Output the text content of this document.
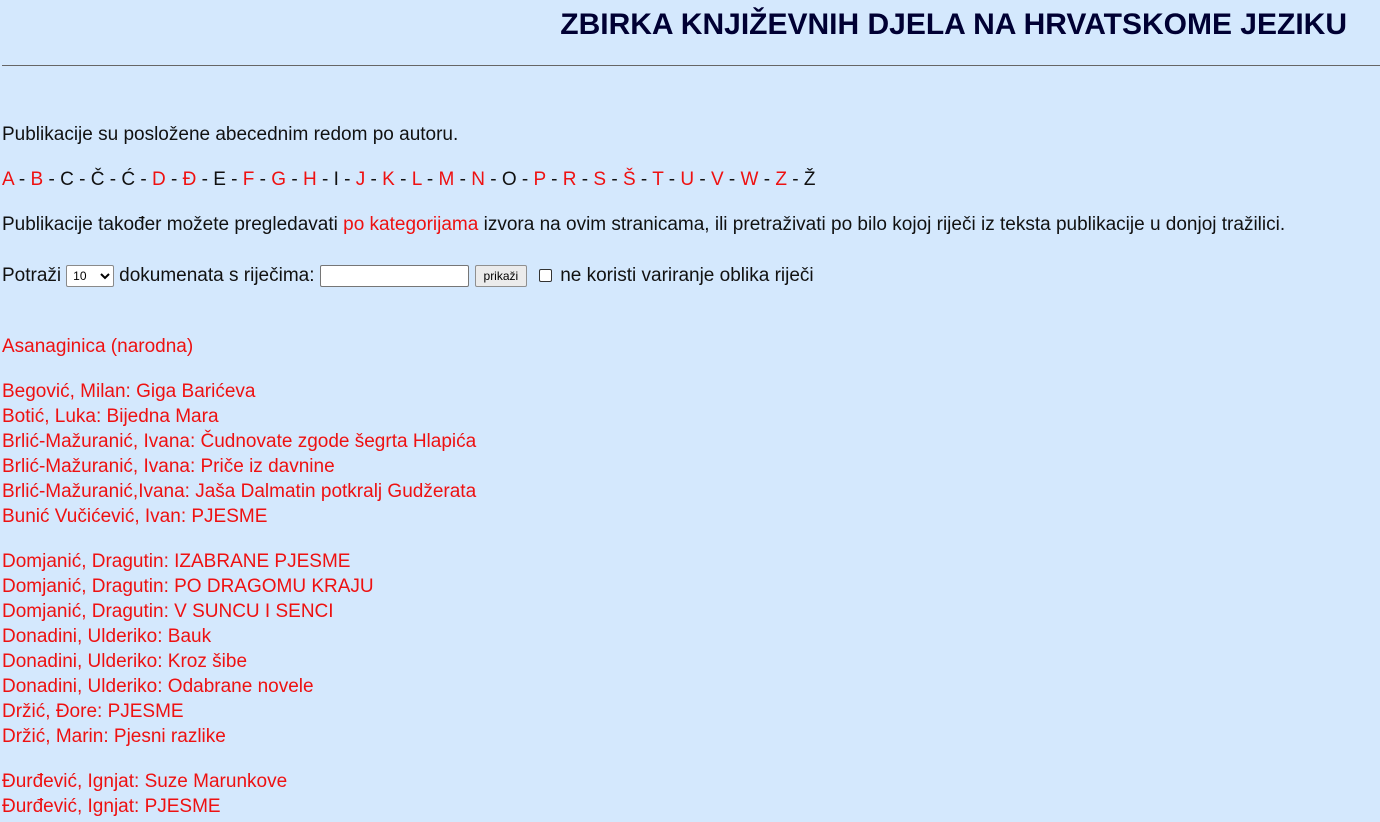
ZBIRKA KNJIŽEVNIH DJELA NA HRVATSKOME JEZIKU
Publikacije su posložene abecednim redom po autoru.
A - B - C - Č - Ć - D - Đ - E - F - G - H - I - J - K - L - M - N - O - P - R - S - Š - T - U - V - W - Z - Ž
Publikacije također možete pregledavati po kategorijama izvora na ovim stranicama, ili pretraživati po bilo kojoj riječi iz teksta publikacije u donjoj tražilici.
Potraži
10	dokumenata s riječima:	prikaži	ne koristi variranje oblika riječi
Asanaginica (narodna)
Begović, Milan: Giga Barićeva
Botić, Luka: Bijedna Mara
Brlić-Mažuranić, Ivana: Čudnovate zgode šegrta Hlapića
Brlić-Mažuranić, Ivana: Priče iz davnine
Brlić-Mažuranić,Ivana: Jaša Dalmatin potkralj Gudžerata
Bunić Vučićević, Ivan: PJESME
Domjanić, Dragutin: IZABRANE PJESME
Domjanić, Dragutin: PO DRAGOMU KRAJU
Domjanić, Dragutin: V SUNCU I SENCI
Donadini, Ulderiko: Bauk
Donadini, Ulderiko: Kroz šibe
Donadini, Ulderiko: Odabrane novele
Držić, Đore: PJESME
Držić, Marin: Pjesni razlike
Đurđević, Ignjat: Suze Marunkove
Đurđević, Ignjat: PJESME
